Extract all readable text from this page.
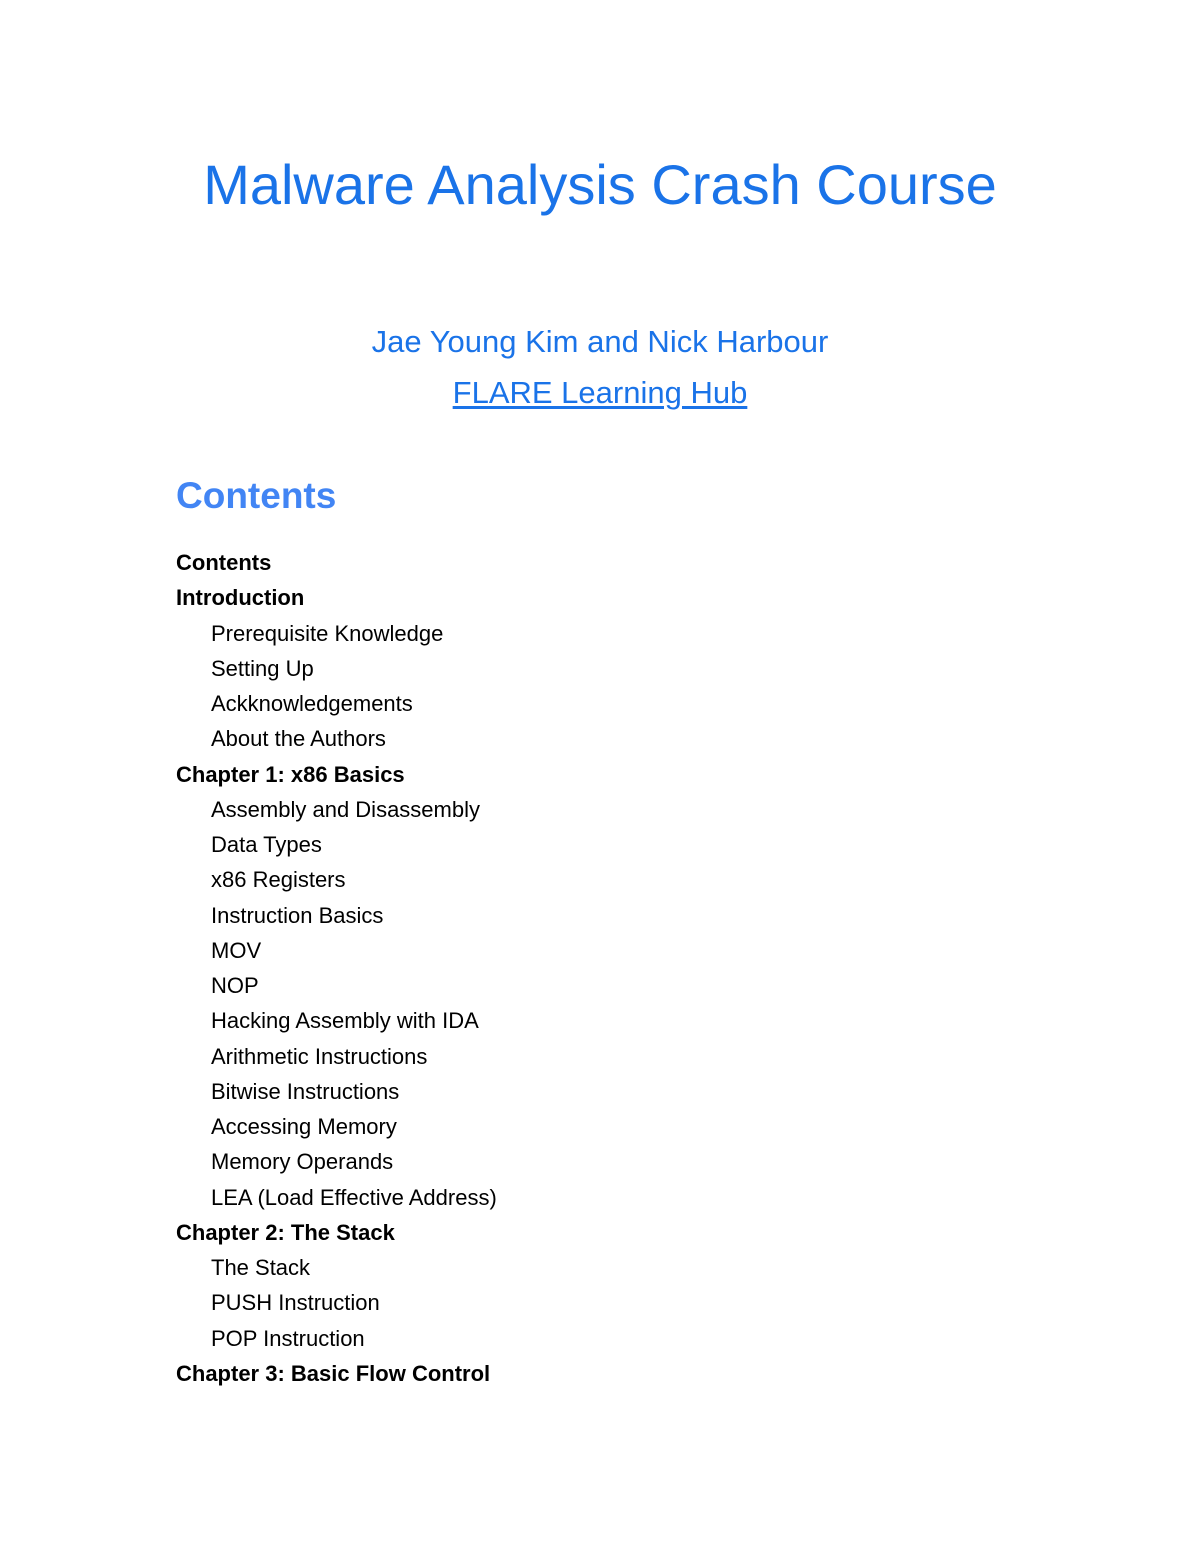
Malware Analysis Crash Course
Jae Young Kim and Nick Harbour
FLARE Learning Hub
Contents
Contents
Introduction
Prerequisite Knowledge
Setting Up
Ackknowledgements
About the Authors
Chapter 1: x86 Basics
Assembly and Disassembly
Data Types
x86 Registers
Instruction Basics
MOV
NOP
Hacking Assembly with IDA
Arithmetic Instructions
Bitwise Instructions
Accessing Memory
Memory Operands
LEA (Load Effective Address)
Chapter 2: The Stack
The Stack
PUSH Instruction
POP Instruction
Chapter 3: Basic Flow Control
